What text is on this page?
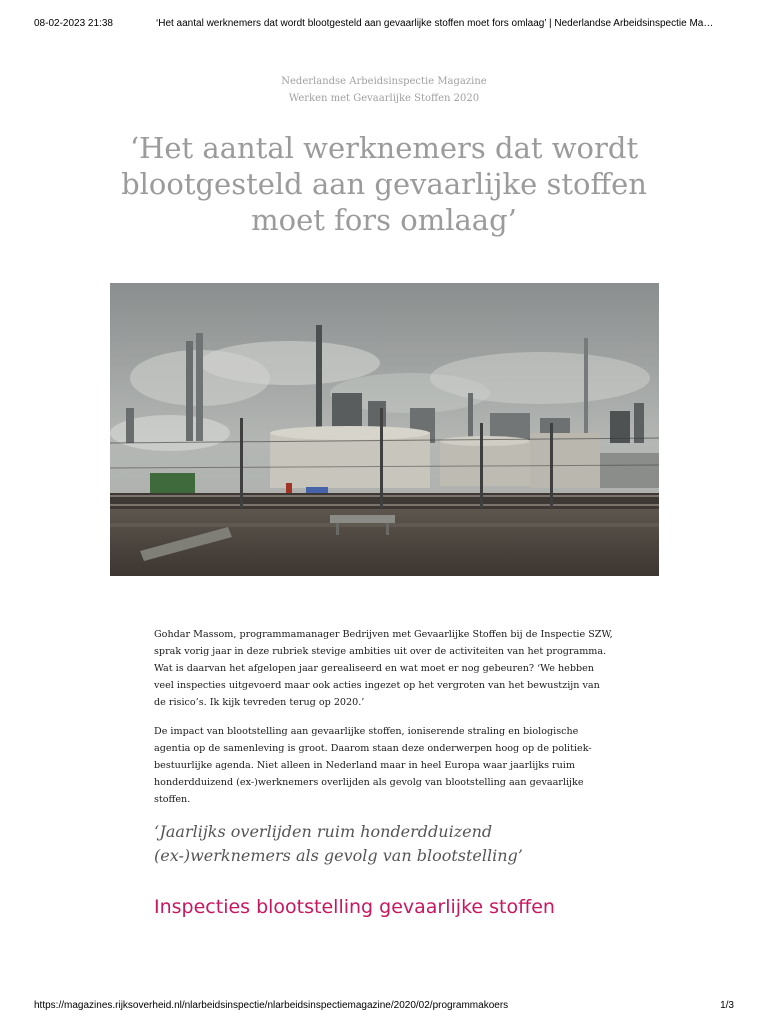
08-02-2023 21:38	‘Het aantal werknemers dat wordt blootgesteld aan gevaarlijke stoffen moet fors omlaag’ | Nederlandse Arbeidsinspectie Ma…
Nederlandse Arbeidsinspectie Magazine
Werken met Gevaarlijke Stoffen 2020
‘Het aantal werknemers dat wordt blootgesteld aan gevaarlijke stoffen moet fors omlaag’

Gohdar Massom, programmamanager Bedrijven met Gevaarlijke Stoffen bij de Inspectie SZW, sprak vorig jaar in deze rubriek stevige ambities uit over de activiteiten van het programma. Wat is daarvan het afgelopen jaar gerealiseerd en wat moet er nog gebeuren? ‘We hebben veel inspecties uitgevoerd maar ook acties ingezet op het vergroten van het bewustzijn van de risico’s. Ik kijk tevreden terug op 2020.’

De impact van blootstelling aan gevaarlijke stoffen, ioniserende straling en biologische agentia op de samenleving is groot. Daarom staan deze onderwerpen hoog op de politiek-bestuurlijke agenda. Niet alleen in Nederland maar in heel Europa waar jaarlijks ruim honderdduizend (ex-)werknemers overlijden als gevolg van blootstelling aan gevaarlijke stoffen.

‘Jaarlijks overlijden ruim honderdduizend (ex-)werknemers als gevolg van blootstelling’
Inspecties blootstelling gevaarlijke stoffen
https://magazines.rijksoverheid.nl/nlarbeidsinspectie/nlarbeidsinspectiemagazine/2020/02/programmakoers	1/3
